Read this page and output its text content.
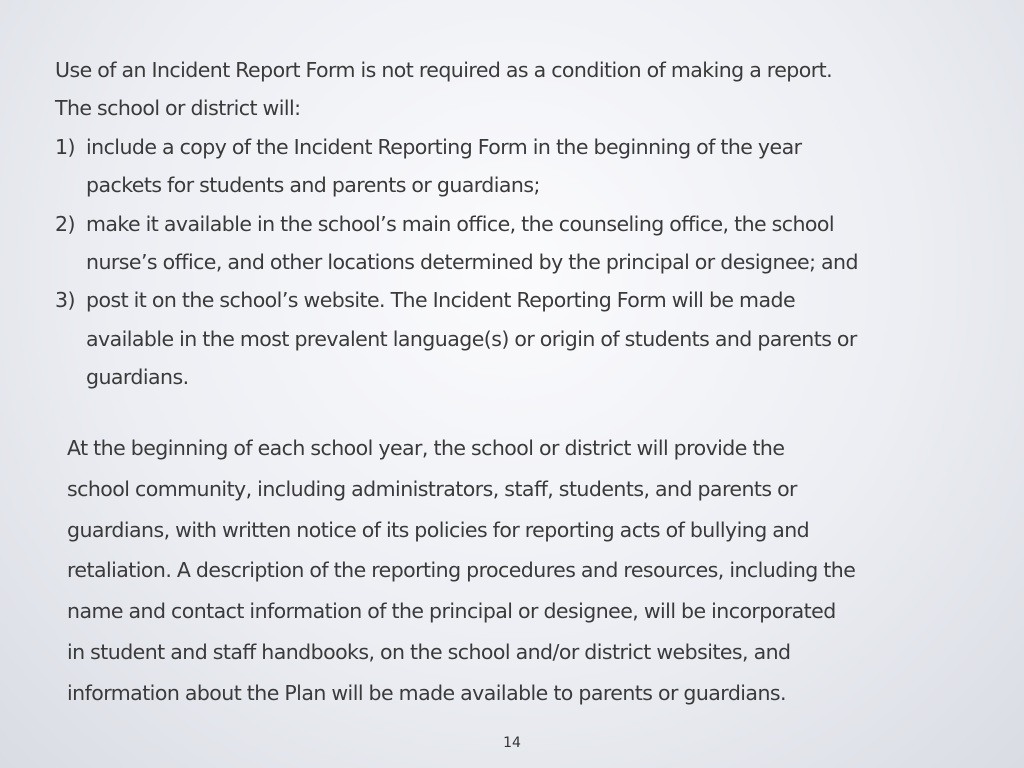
Use of an Incident Report Form is not required as a condition of making a report.
The school or district will:
1) include a copy of the Incident Reporting Form in the beginning of the year
packets for students and parents or guardians;
2) make it available in the school’s main office, the counseling office, the school
nurse’s office, and other locations determined by the principal or designee; and
3) post it on the school’s website. The Incident Reporting Form will be made
available in the most prevalent language(s) or origin of students and parents or
guardians.
At the beginning of each school year, the school or district will provide the
school community, including administrators, staff, students, and parents or
guardians, with written notice of its policies for reporting acts of bullying and
retaliation. A description of the reporting procedures and resources, including the
name and contact information of the principal or designee, will be incorporated
in student and staff handbooks, on the school and/or district websites, and
information about the Plan will be made available to parents or guardians.
14
